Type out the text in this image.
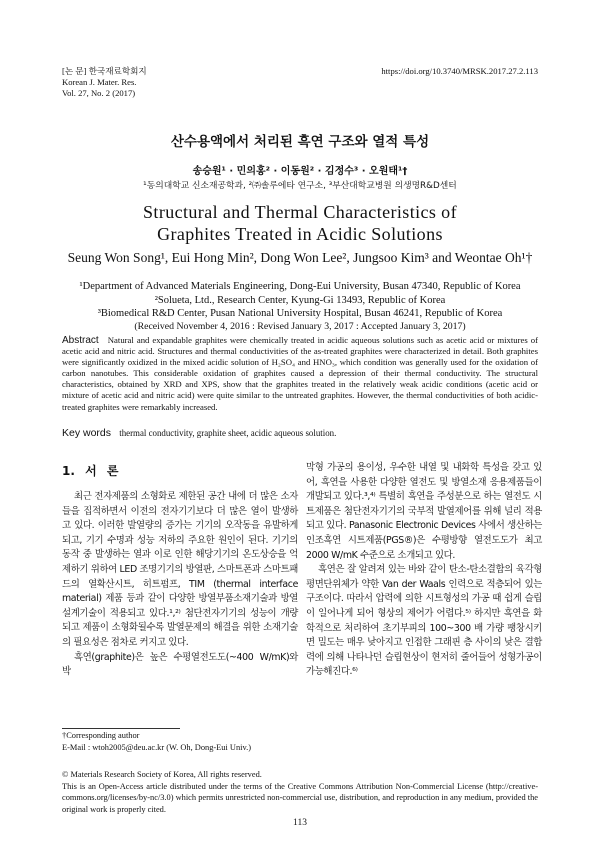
[논 문] 한국재료학회지
Korean J. Mater. Res.
Vol. 27, No. 2 (2017)
https://doi.org/10.3740/MRSK.2017.27.2.113
산수용액에서 처리된 흑연 구조와 열적 특성
송승원¹ · 민의홍² · 이동원² · 김정수³ · 오원태¹†
¹동의대학교 신소재공학과, ²㈜솔루에타 연구소, ³부산대학교병원 의생명R&D센터
Structural and Thermal Characteristics of
Graphites Treated in Acidic Solutions
Seung Won Song¹, Eui Hong Min², Dong Won Lee², Jungsoo Kim³ and Weontae Oh¹†
¹Department of Advanced Materials Engineering, Dong-Eui University, Busan 47340, Republic of Korea
²Solueta, Ltd., Research Center, Kyung-Gi 13493, Republic of Korea
³Biomedical R&D Center, Pusan National University Hospital, Busan 46241, Republic of Korea
(Received November 4, 2016 : Revised January 3, 2017 : Accepted January 3, 2017)
Abstract Natural and expandable graphites were chemically treated in acidic aqueous solutions such as acetic acid or mixtures of acetic acid and nitric acid. Structures and thermal conductivities of the as-treated graphites were characterized in detail. Both graphites were significantly oxidized in the mixed acidic solution of H₂SO₄ and HNO₃, which condition was generally used for the oxidation of carbon nanotubes. This considerable oxidation of graphites caused a depression of their thermal conductivity. The structural characteristics, obtained by XRD and XPS, show that the graphites treated in the relatively weak acidic conditions (acetic acid or mixture of acetic acid and nitric acid) were quite similar to the untreated graphites. However, the thermal conductivities of both acidic-treated graphites were remarkably increased.
Key words thermal conductivity, graphite sheet, acidic aqueous solution.
1. 서 론

최근 전자제품의 소형화로 제한된 공간 내에 더 많은 소자들을 집적하면서 이전의 전자기기보다 더 많은 열이 발생하고 있다. 이러한 발열량의 증가는 기기의 오작동을 유발하게 되고, 기기 수명과 성능 저하의 주요한 원인이 된다. 기기의 동작 중 발생하는 열과 이로 인한 해당기기의 온도상승을 억제하기 위하여 LED 조명기기의 방열판, 스마트폰과 스마트패드의 열확산시트, 히트펌프, TIM (thermal interface material) 제품 등과 같이 다양한 방열부품소재기술과 방열설계기술이 적용되고 있다.¹,²⁾ 첨단전자기기의 성능이 개량되고 제품이 소형화될수록 발열문제의 해결을 위한 소재기술의 필요성은 점차로 커지고 있다.

흑연(graphite)은 높은 수평열전도도(~400 W/mK)와 박

막형 가공의 용이성, 우수한 내열 및 내화학 특성을 갖고 있어, 흑연을 사용한 다양한 열전도 및 방열소재 응용제품들이 개발되고 있다.³,⁴⁾ 특별히 흑연을 주성분으로 하는 열전도 시트제품은 첨단전자기기의 국부적 발열제어를 위해 널리 적용되고 있다. Panasonic Electronic Devices 사에서 생산하는 인조흑연 시트제품(PGS®)은 수평방향 열전도도가 최고 2000 W/mK 수준으로 소개되고 있다.

흑연은 잘 알려져 있는 바와 같이 탄소-탄소결합의 육각형 평면단위체가 약한 Van der Waals 인력으로 적층되어 있는 구조이다. 따라서 압력에 의한 시트형성의 가공 때 쉽게 슬립이 일어나게 되어 형상의 제어가 어렵다.⁵⁾ 하지만 흑연을 화학적으로 처리하여 초기부피의 100~300 배 가량 팽창시키면 밀도는 매우 낮아지고 인접한 그래핀 층 사이의 낮은 결합력에 의해 나타나던 슬립현상이 현저히 줄어들어 성형가공이 가능해진다.⁶⁾

†Corresponding author
E-Mail : wtoh2005@deu.ac.kr (W. Oh, Dong-Eui Univ.)
© Materials Research Society of Korea, All rights reserved.
This is an Open-Access article distributed under the terms of the Creative Commons Attribution Non-Commercial License (http://creative-commons.org/licenses/by-nc/3.0) which permits unrestricted non-commercial use, distribution, and reproduction in any medium, provided the original work is properly cited.
113
